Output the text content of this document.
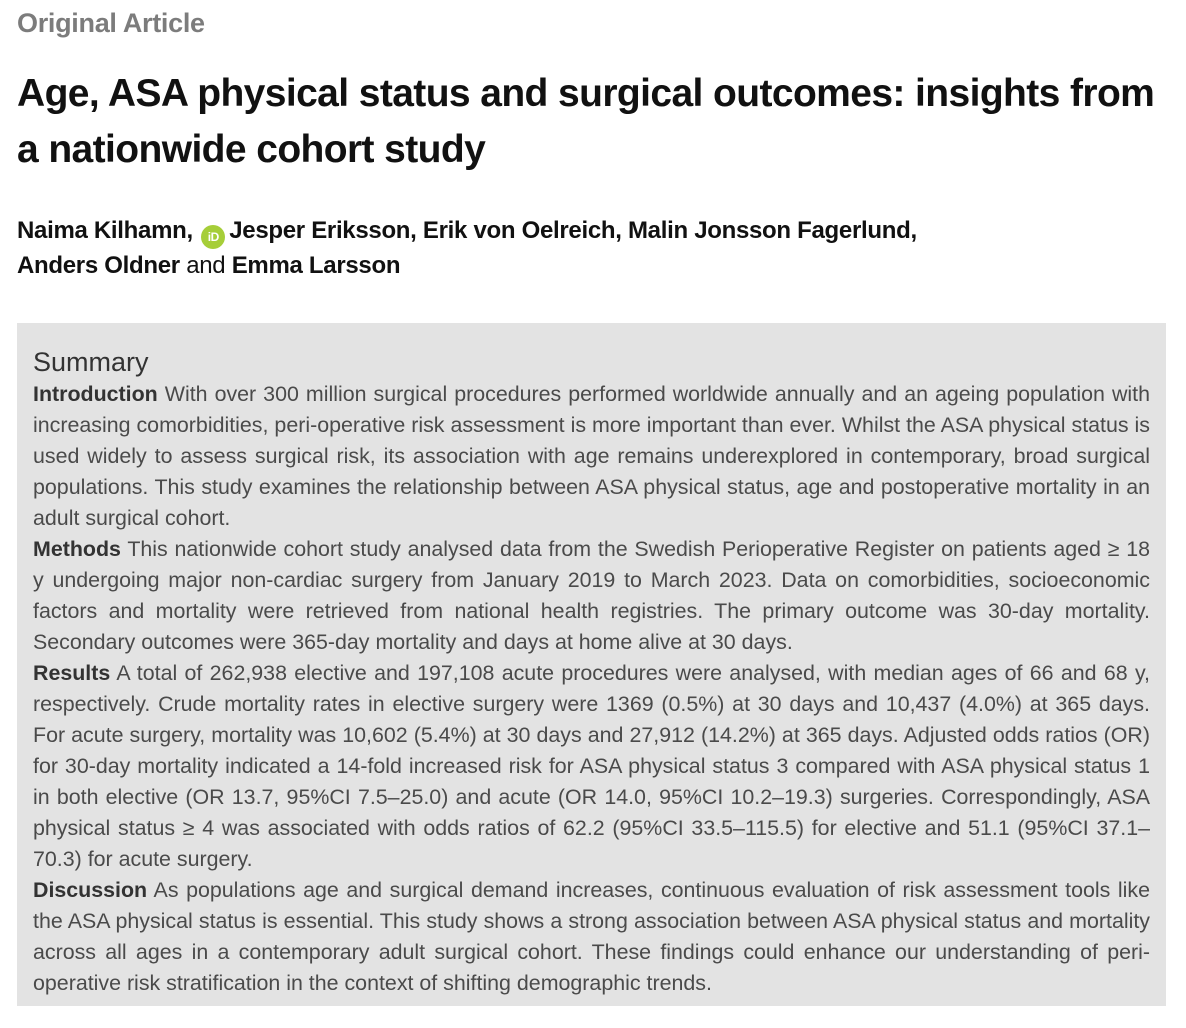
Original Article
Age, ASA physical status and surgical outcomes: insights from a nationwide cohort study
Naima Kilhamn, iD Jesper Eriksson, Erik von Oelreich, Malin Jonsson Fagerlund,
Anders Oldner and Emma Larsson
Summary

Introduction With over 300 million surgical procedures performed worldwide annually and an ageing population with increasing comorbidities, peri-operative risk assessment is more important than ever. Whilst the ASA physical status is used widely to assess surgical risk, its association with age remains underexplored in contemporary, broad surgical populations. This study examines the relationship between ASA physical status, age and postoperative mortality in an adult surgical cohort.

Methods This nationwide cohort study analysed data from the Swedish Perioperative Register on patients aged ≥ 18 y undergoing major non-cardiac surgery from January 2019 to March 2023. Data on comorbidities, socioeconomic factors and mortality were retrieved from national health registries. The primary outcome was 30-day mortality. Secondary outcomes were 365-day mortality and days at home alive at 30 days.

Results A total of 262,938 elective and 197,108 acute procedures were analysed, with median ages of 66 and 68 y, respectively. Crude mortality rates in elective surgery were 1369 (0.5%) at 30 days and 10,437 (4.0%) at 365 days. For acute surgery, mortality was 10,602 (5.4%) at 30 days and 27,912 (14.2%) at 365 days. Adjusted odds ratios (OR) for 30-day mortality indicated a 14-fold increased risk for ASA physical status 3 compared with ASA physical status 1 in both elective (OR 13.7, 95%CI 7.5–25.0) and acute (OR 14.0, 95%CI 10.2–19.3) surgeries. Correspondingly, ASA physical status ≥ 4 was associated with odds ratios of 62.2 (95%CI 33.5–115.5) for elective and 51.1 (95%CI 37.1–70.3) for acute surgery.

Discussion As populations age and surgical demand increases, continuous evaluation of risk assessment tools like the ASA physical status is essential. This study shows a strong association between ASA physical status and mortality across all ages in a contemporary adult surgical cohort. These findings could enhance our understanding of peri-operative risk stratification in the context of shifting demographic trends.
